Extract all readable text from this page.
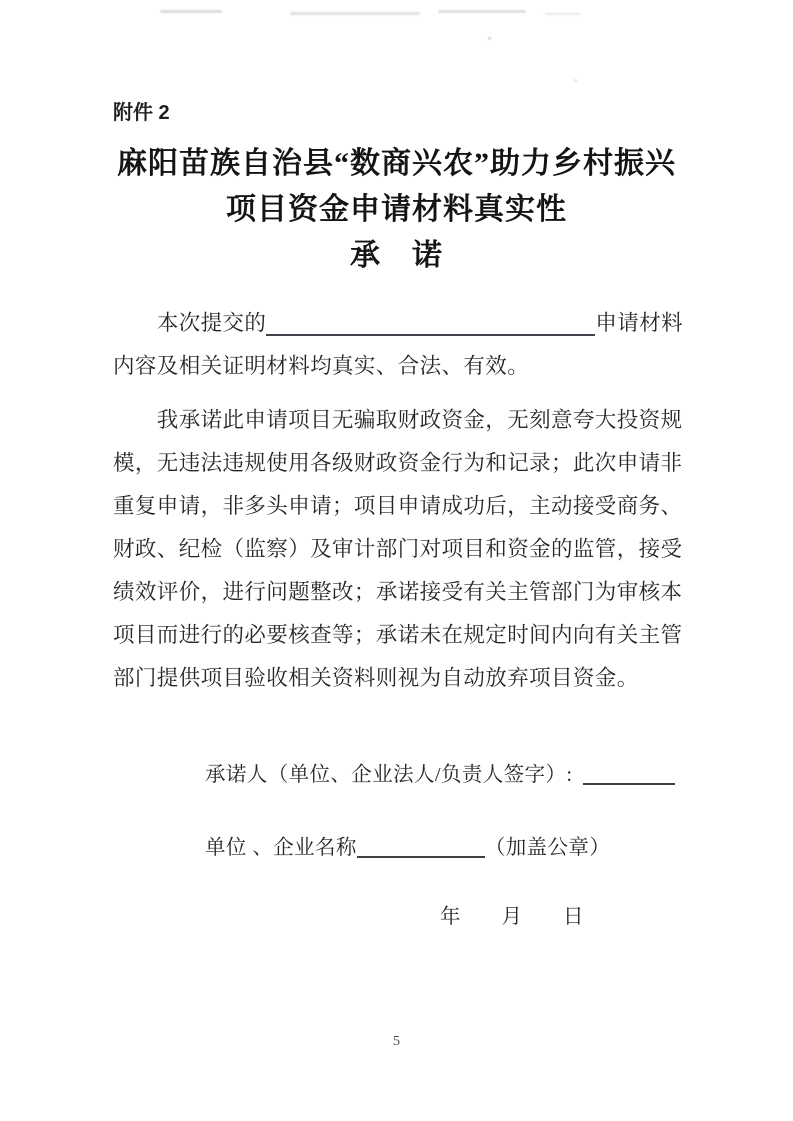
附件 2
麻阳苗族自治县“数商兴农”助力乡村振兴
项目资金申请材料真实性
承　诺

本次提交的	申请材料
内容及相关证明材料均真实、合法、有效。
　　我承诺此申请项目无骗取财政资金，无刻意夸大投资规
模，无违法违规使用各级财政资金行为和记录；此次申请非
重复申请，非多头申请；项目申请成功后，主动接受商务、
财政、纪检（监察）及审计部门对项目和资金的监管，接受
绩效评价，进行问题整改；承诺接受有关主管部门为审核本
项目而进行的必要核查等；承诺未在规定时间内向有关主管
部门提供项目验收相关资料则视为自动放弃项目资金。
承诺人（单位、企业法人/负责人签字）:
单位 、企业名称	（加盖公章）
年　　月　　日
5
